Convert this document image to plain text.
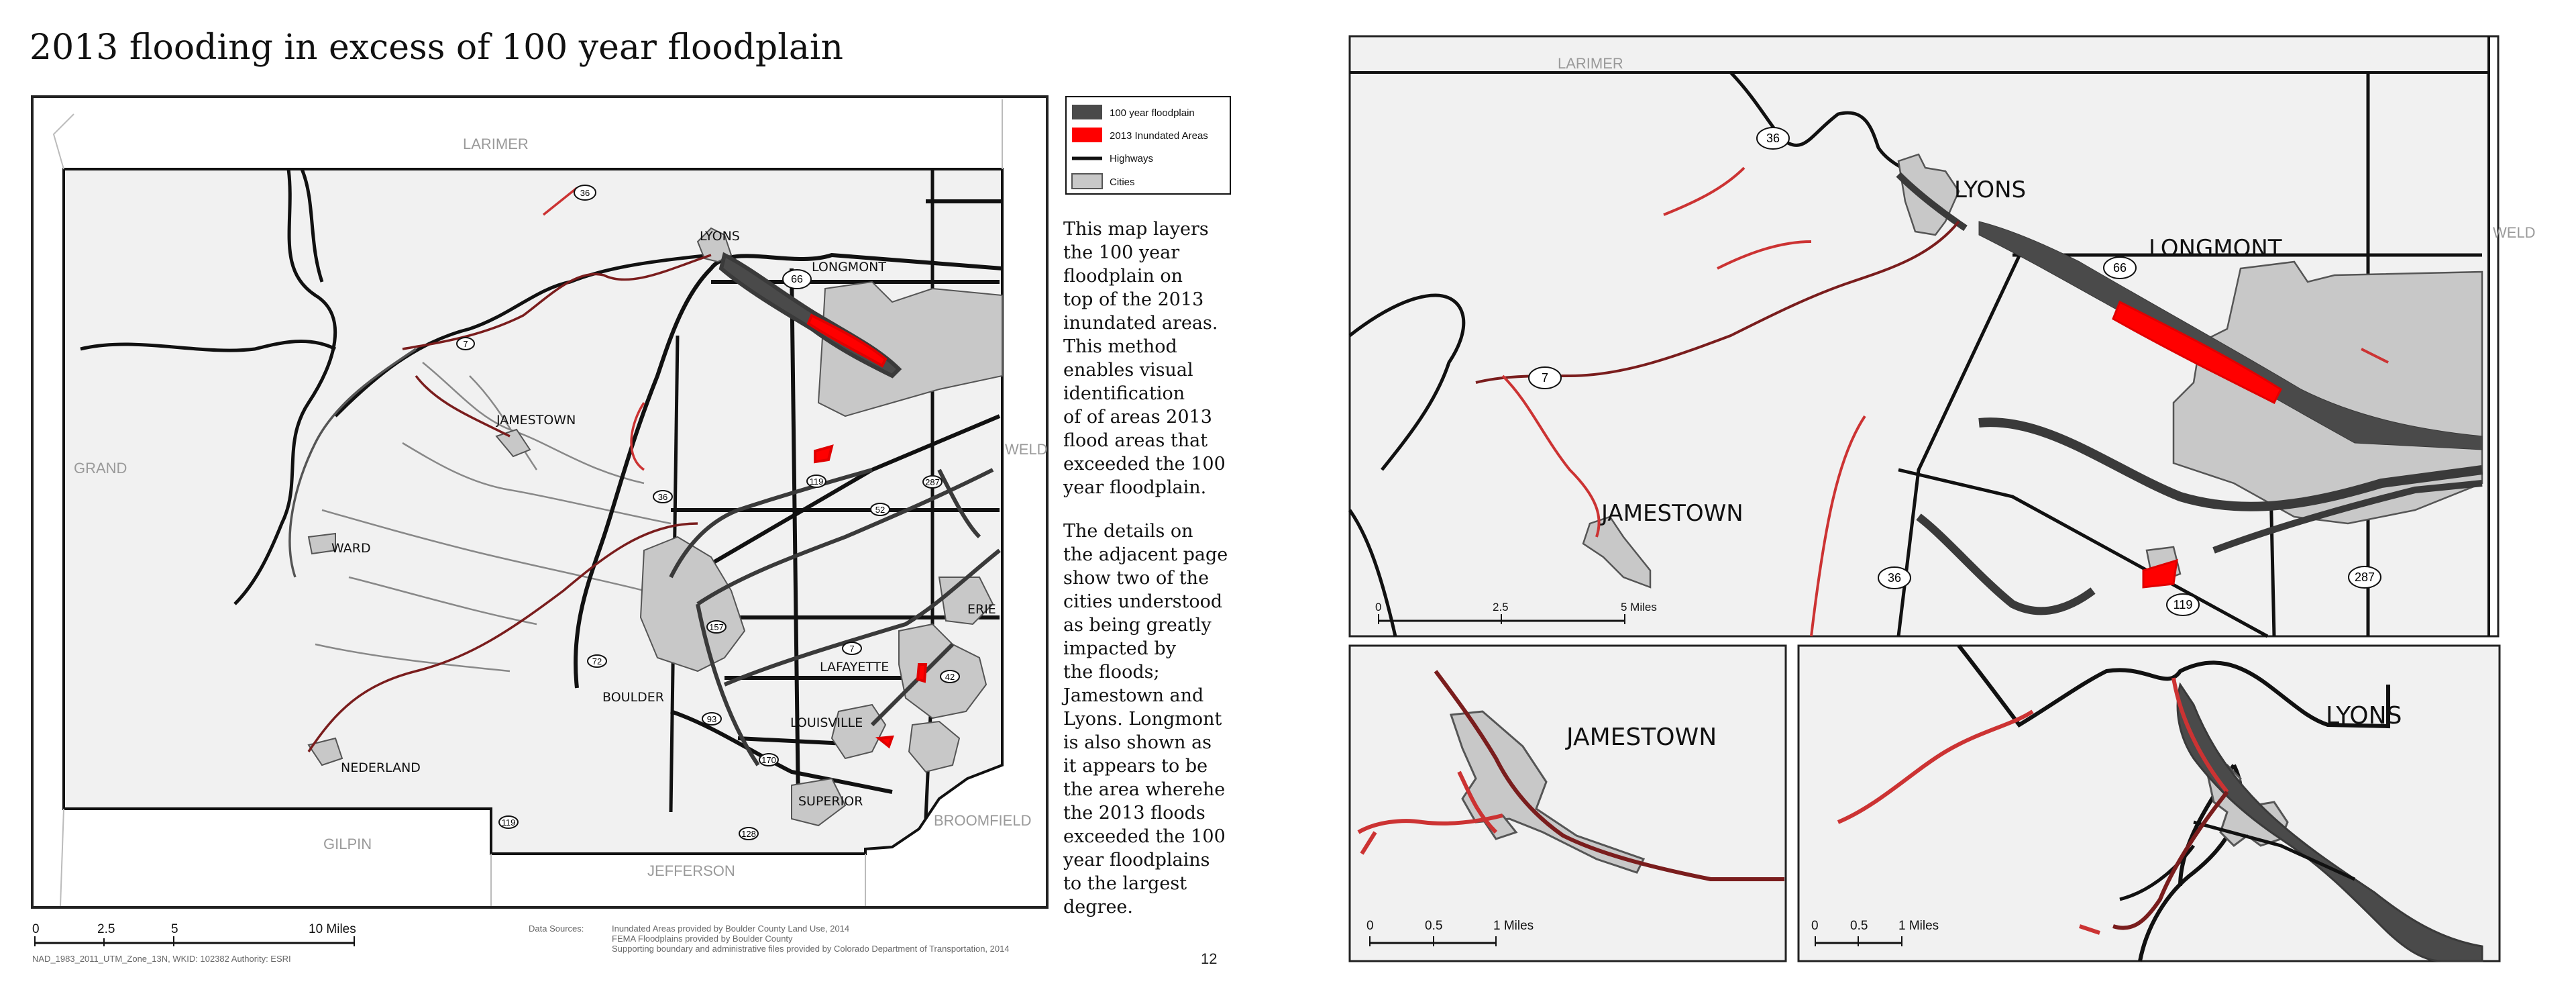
2013 flooding in excess of 100 year floodplain
LARIMER
GRAND
WELD
GILPIN
JEFFERSON
BROOMFIELD
LYONS
LONGMONT
JAMESTOWN
WARD
BOULDER
NEDERLAND
LAFAYETTE
ERIE
LOUISVILLE
SUPERIOR
36
66
7
119	287
52
36
157
7
42
93
170
128
72
119
0	2.5	5	10 Miles
100 year floodplain
2013 Inundated Areas
Highways
Cities
This map layers
the 100 year
floodplain on
top of the 2013
inundated areas.
This method
enables visual
identification
of of areas 2013
flood areas that
exceeded the 100
year floodplain.
The details on
the adjacent page
show two of the
cities understood
as being greatly
impacted by
the floods;
Jamestown and
Lyons. Longmont
is also shown as
it appears to be
the area wherehe
the 2013 floods
exceeded the 100
year floodplains
to the largest
degree.
NAD_1983_2011_UTM_Zone_13N, WKID: 102382 Authority: ESRI
Data Sources:	Inundated Areas provided by Boulder County Land Use, 2014
FEMA Floodplains provided by Boulder County
Supporting boundary and administrative files provided by Colorado Department of Transportation, 2014
12
LARIMER
WELD
LYONS
LONGMONT
JAMESTOWN
36
66
7
36
119
287
0	2.5	5 Miles
JAMESTOWN
0	0.5	1 Miles
LYONS
0 0.5 1 Miles
